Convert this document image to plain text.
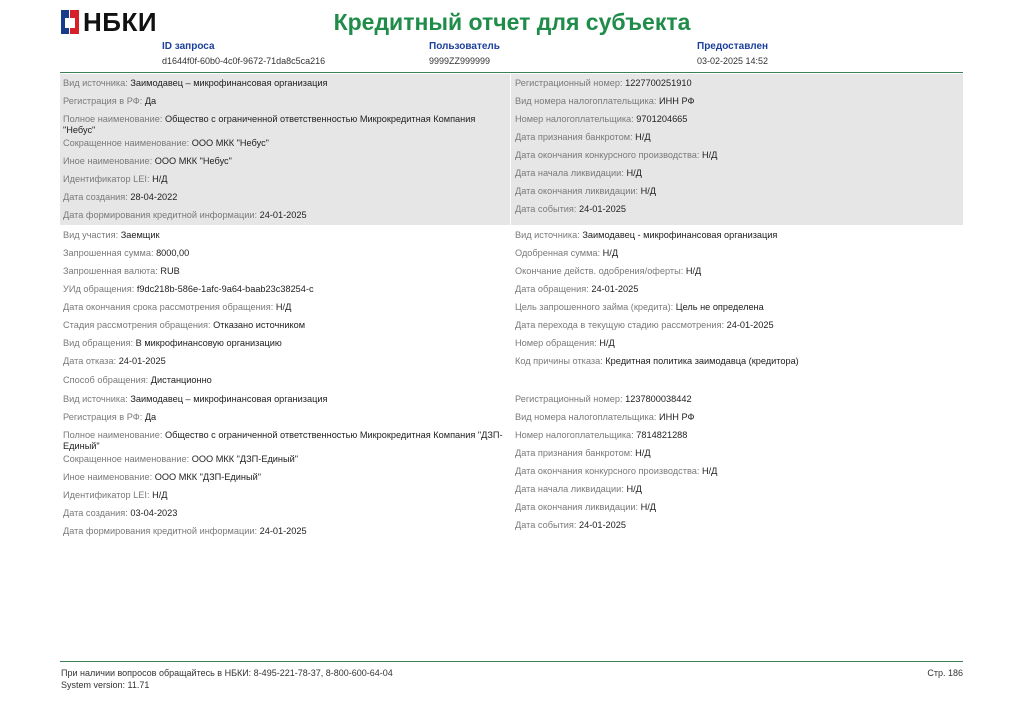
НБКИ	Кредитный отчет для субъекта
ID запроса
d1644f0f-60b0-4c0f-9672-71da8c5ca216
Пользователь
9999ZZ999999
Предоставлен
03-02-2025 14:52
Вид источника: Заимодавец – микрофинансовая организация
Регистрация в РФ: Да
Полное наименование: Общество с ограниченной ответственностью Микрокредитная Компания "Небус"
Сокращенное наименование: ООО МКК "Небус"
Иное наименование: ООО МКК "Небус"
Идентификатор LEI: Н/Д
Дата создания: 28-04-2022
Дата формирования кредитной информации: 24-01-2025
Регистрационный номер: 1227700251910
Вид номера налогоплательщика: ИНН РФ
Номер налогоплательщика: 9701204665
Дата признания банкротом: Н/Д
Дата окончания конкурсного производства: Н/Д
Дата начала ликвидации: Н/Д
Дата окончания ликвидации: Н/Д
Дата события: 24-01-2025
Вид участия: Заемщик
Запрошенная сумма: 8000,00
Запрошенная валюта: RUB
УИд обращения: f9dc218b-586e-1afc-9a64-baab23c38254-c
Дата окончания срока рассмотрения обращения: Н/Д
Стадия рассмотрения обращения: Отказано источником
Вид обращения: В микрофинансовую организацию
Дата отказа: 24-01-2025
Способ обращения: Дистанционно
Вид источника: Заимодавец - микрофинансовая организация
Одобренная сумма: Н/Д
Окончание действ. одобрения/оферты: Н/Д
Дата обращения: 24-01-2025
Цель запрошенного займа (кредита): Цель не определена
Дата перехода в текущую стадию рассмотрения: 24-01-2025
Номер обращения: Н/Д
Код причины отказа: Кредитная политика заимодавца (кредитора)
Вид источника: Заимодавец – микрофинансовая организация
Регистрация в РФ: Да
Полное наименование: Общество с ограниченной ответственностью Микрокредитная Компания "ДЗП-Единый"
Сокращенное наименование: ООО МКК "ДЗП-Единый"
Иное наименование: ООО МКК "ДЗП-Единый"
Идентификатор LEI: Н/Д
Дата создания: 03-04-2023
Дата формирования кредитной информации: 24-01-2025
Регистрационный номер: 1237800038442
Вид номера налогоплательщика: ИНН РФ
Номер налогоплательщика: 7814821288
Дата признания банкротом: Н/Д
Дата окончания конкурсного производства: Н/Д
Дата начала ликвидации: Н/Д
Дата окончания ликвидации: Н/Д
Дата события: 24-01-2025
При наличии вопросов обращайтесь в НБКИ: 8-495-221-78-37, 8-800-600-64-04
System version: 11.71
Стр. 186
